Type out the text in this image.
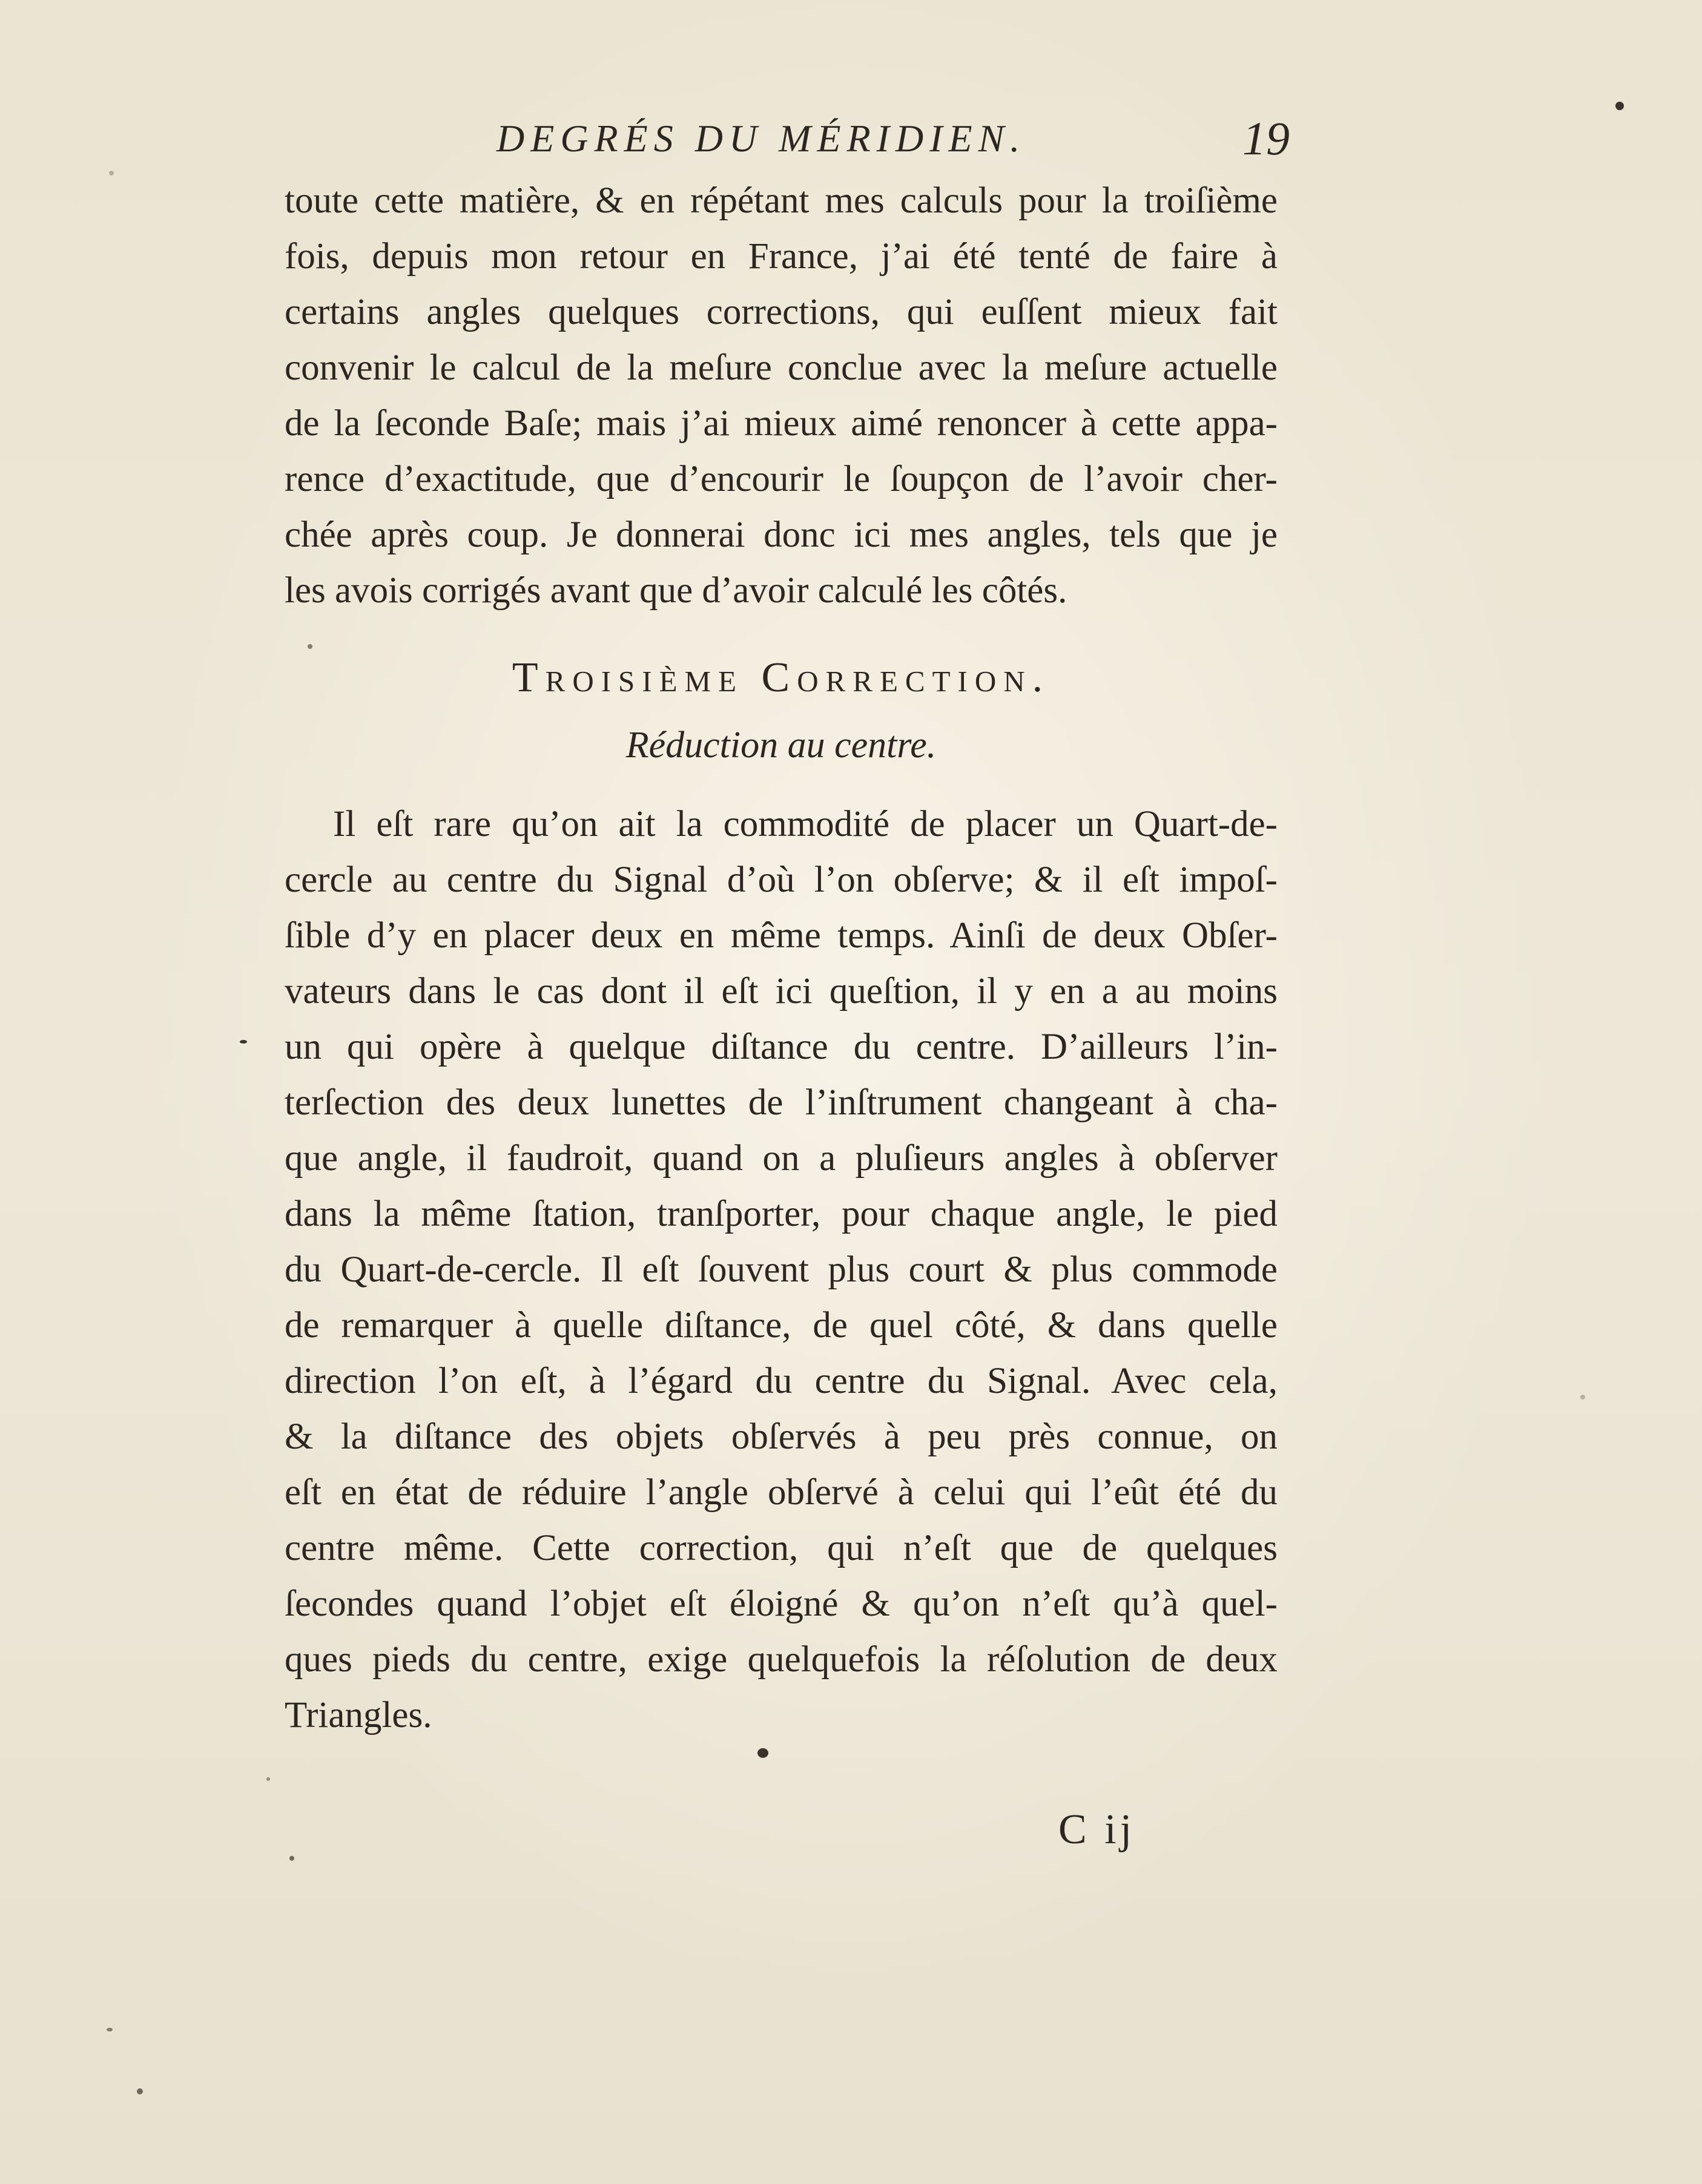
DEGRÉS DU MÉRIDIEN.	19
toute cette matière, & en répétant mes calculs pour la troiſième
fois, depuis mon retour en France, j’ai été tenté de faire à
certains angles quelques corrections, qui euſſent mieux fait
convenir le calcul de la meſure conclue avec la meſure actuelle
de la ſeconde Baſe; mais j’ai mieux aimé renoncer à cette appa-
rence d’exactitude, que d’encourir le ſoupçon de l’avoir cher-
chée après coup. Je donnerai donc ici mes angles, tels que je
les avois corrigés avant que d’avoir calculé les côtés.
Troisième Correction.
Réduction au centre.
Il eſt rare qu’on ait la commodité de placer un Quart-de-
cercle au centre du Signal d’où l’on obſerve; & il eſt impoſ-
ſible d’y en placer deux en même temps. Ainſi de deux Obſer-
vateurs dans le cas dont il eſt ici queſtion, il y en a au moins
un qui opère à quelque diſtance du centre. D’ailleurs l’in-
terſection des deux lunettes de l’inſtrument changeant à cha-
que angle, il faudroit, quand on a pluſieurs angles à obſerver
dans la même ſtation, tranſporter, pour chaque angle, le pied
du Quart-de-cercle. Il eſt ſouvent plus court & plus commode
de remarquer à quelle diſtance, de quel côté, & dans quelle
direction l’on eſt, à l’égard du centre du Signal. Avec cela,
& la diſtance des objets obſervés à peu près connue, on
eſt en état de réduire l’angle obſervé à celui qui l’eût été du
centre même. Cette correction, qui n’eſt que de quelques
ſecondes quand l’objet eſt éloigné & qu’on n’eſt qu’à quel-
ques pieds du centre, exige quelquefois la réſolution de deux
Triangles.
C ij
